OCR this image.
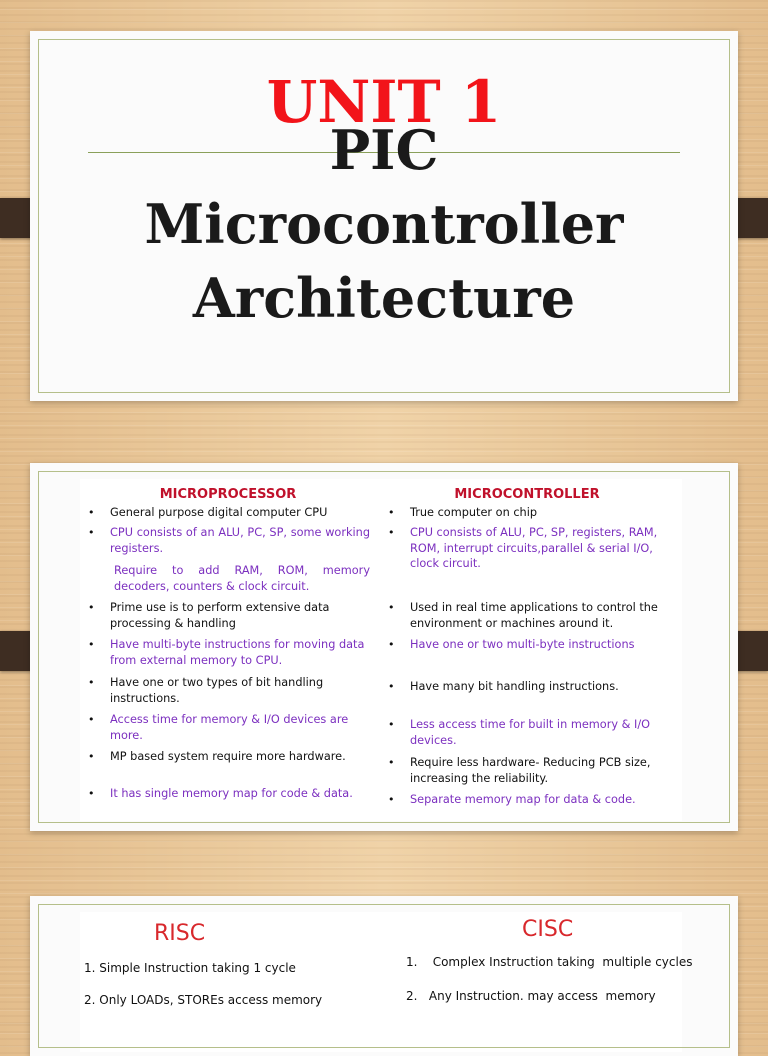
UNIT 1
PIC
Microcontroller
Architecture
MICROPROCESSOR
• General purpose digital computer CPU
• CPU consists of an ALU, PC, SP, some working registers.
Require to add RAM, ROM, memory decoders, counters & clock circuit.
• Prime use is to perform extensive data processing & handling
• Have multi-byte instructions for moving data from external memory to CPU.
• Have one or two types of bit handling instructions.
• Access time for memory & I/O devices are more.
• MP based system require more hardware.
• It has single memory map for code & data.
MICROCONTROLLER
• True computer on chip
• CPU consists of ALU, PC, SP, registers, RAM, ROM, interrupt circuits,parallel & serial I/O, clock circuit.
• Used in real time applications to control the environment or machines around it.
• Have one or two multi-byte instructions
• Have many bit handling instructions.
• Less access time for built in memory & I/O devices.
• Require less hardware- Reducing PCB size, increasing the reliability.
• Separate memory map for data & code.
RISC	CISC
1. Simple Instruction taking 1 cycle
2. Only LOADs, STOREs access memory
1.    Complex Instruction taking  multiple cycles
2.   Any Instruction. may access  memory
